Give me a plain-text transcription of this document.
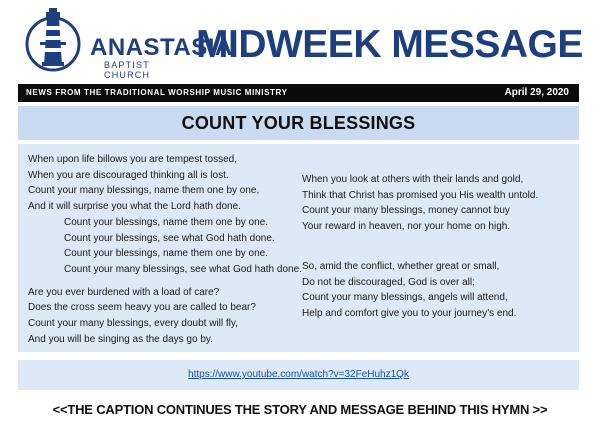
ANASTASIA
BAPTIST CHURCH
MIDWEEK MESSAGE
NEWS FROM THE TRADITIONAL WORSHIP MUSIC MINISTRY	April 29, 2020
COUNT YOUR BLESSINGS
When upon life billows you are tempest tossed,
When you are discouraged thinking all is lost.
Count your many blessings, name them one by one,
And it will surprise you what the Lord hath done.
Count your blessings, name them one by one.
Count your blessings, see what God hath done.
Count your blessings, name them one by one.
Count your many blessings, see what God hath done.
Are you ever burdened with a load of care?
Does the cross seem heavy you are called to bear?
Count your many blessings, every doubt will fly,
And you will be singing as the days go by.
When you look at others with their lands and gold,
Think that Christ has promised you His wealth untold.
Count your many blessings, money cannot buy
Your reward in heaven, nor your home on high.
So, amid the conflict, whether great or small,
Do not be discouraged, God is over all;
Count your many blessings, angels will attend,
Help and comfort give you to your journey’s end.
https://www.youtube.com/watch?v=32FeHuhz1Qk
<<THE CAPTION CONTINUES THE STORY AND MESSAGE BEHIND THIS HYMN >>
